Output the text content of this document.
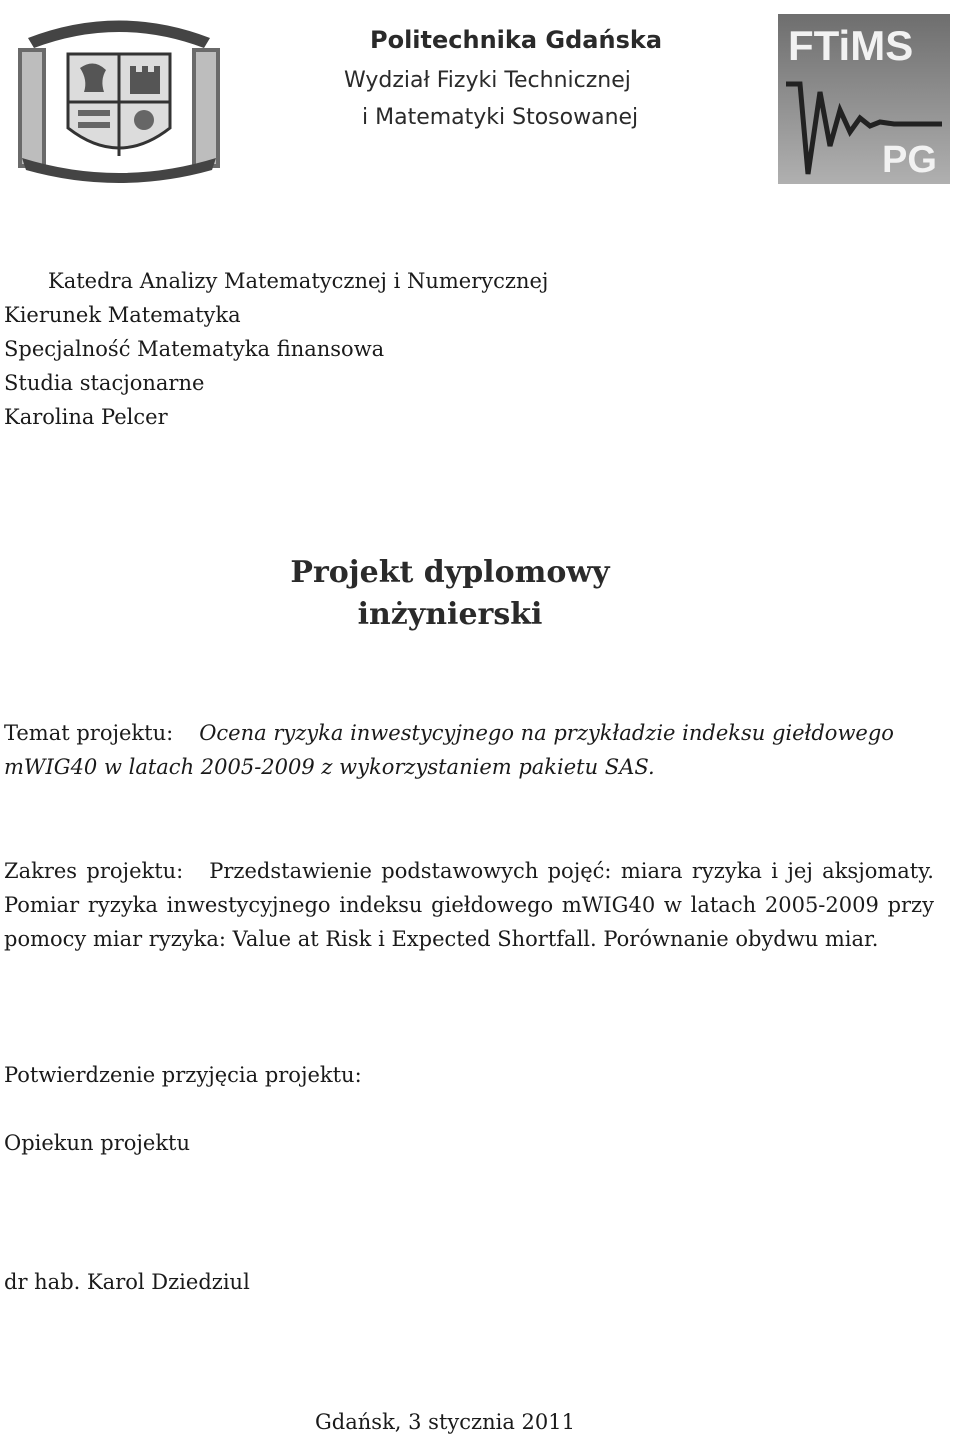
Politechnika Gdańska
Wydział Fizyki Technicznej
i Matematyki Stosowanej
FTiMS
PG
Katedra Analizy Matematycznej i Numerycznej
Kierunek Matematyka
Specjalność Matematyka finansowa
Studia stacjonarne
Karolina Pelcer
Projekt dyplomowy
inżynierski
Temat projektu: Ocena ryzyka inwestycyjnego na przykładzie indeksu giełdowego mWIG40 w latach 2005-2009 z wykorzystaniem pakietu SAS.
Zakres projektu: Przedstawienie podstawowych pojęć: miara ryzyka i jej aksjomaty. Pomiar ryzyka inwestycyjnego indeksu giełdowego mWIG40 w latach 2005-2009 przy pomocy miar ryzyka: Value at Risk i Expected Shortfall. Porównanie obydwu miar.
Potwierdzenie przyjęcia projektu:
Opiekun projektu
dr hab. Karol Dziedziul
Gdańsk, 3 stycznia 2011
